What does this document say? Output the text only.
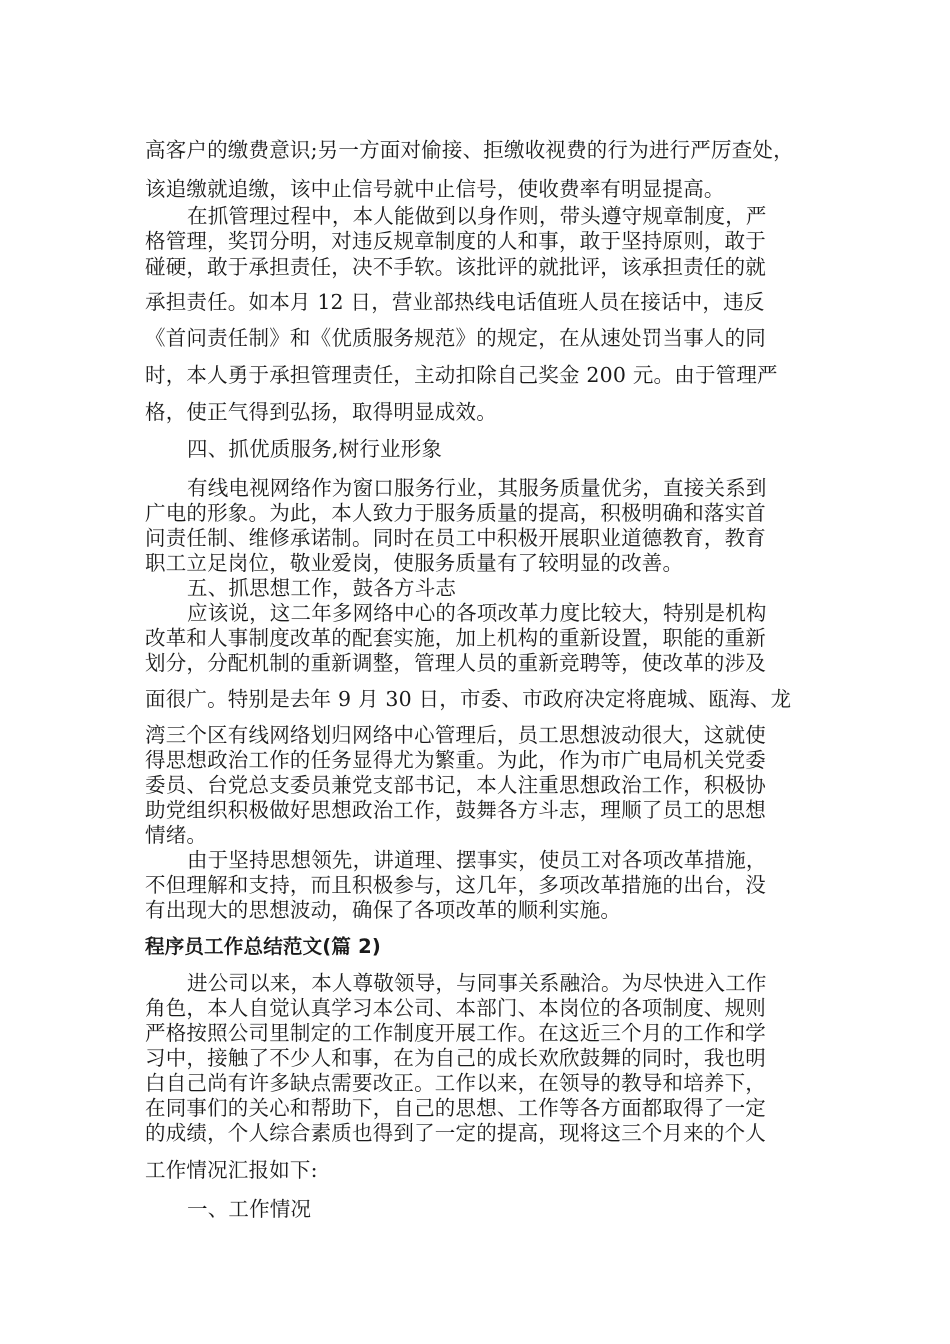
高客户的缴费意识;另一方面对偷接、拒缴收视费的行为进行严厉查处，
该追缴就追缴，该中止信号就中止信号，使收费率有明显提高。
在抓管理过程中，本人能做到以身作则，带头遵守规章制度，严
格管理，奖罚分明，对违反规章制度的人和事，敢于坚持原则，敢于
碰硬，敢于承担责任，决不手软。该批评的就批评，该承担责任的就
承担责任。如本月 12 日，营业部热线电话值班人员在接话中，违反
《首问责任制》和《优质服务规范》的规定，在从速处罚当事人的同
时，本人勇于承担管理责任，主动扣除自己奖金 200 元。由于管理严
格，使正气得到弘扬，取得明显成效。
四、抓优质服务,树行业形象
有线电视网络作为窗口服务行业，其服务质量优劣，直接关系到
广电的形象。为此，本人致力于服务质量的提高，积极明确和落实首
问责任制、维修承诺制。同时在员工中积极开展职业道德教育，教育
职工立足岗位，敬业爱岗，使服务质量有了较明显的改善。
五、抓思想工作，鼓各方斗志
应该说，这二年多网络中心的各项改革力度比较大，特别是机构
改革和人事制度改革的配套实施，加上机构的重新设置，职能的重新
划分，分配机制的重新调整，管理人员的重新竞聘等，使改革的涉及
面很广。特别是去年 9 月 30 日，市委、市政府决定将鹿城、瓯海、龙
湾三个区有线网络划归网络中心管理后，员工思想波动很大，这就使
得思想政治工作的任务显得尤为繁重。为此，作为市广电局机关党委
委员、台党总支委员兼党支部书记，本人注重思想政治工作，积极协
助党组织积极做好思想政治工作，鼓舞各方斗志，理顺了员工的思想
情绪。
由于坚持思想领先，讲道理、摆事实，使员工对各项改革措施，
不但理解和支持，而且积极参与，这几年，多项改革措施的出台，没
有出现大的思想波动，确保了各项改革的顺利实施。
程序员工作总结范文(篇 2)
进公司以来，本人尊敬领导，与同事关系融洽。为尽快进入工作
角色，本人自觉认真学习本公司、本部门、本岗位的各项制度、规则
严格按照公司里制定的工作制度开展工作。在这近三个月的工作和学
习中，接触了不少人和事，在为自己的成长欢欣鼓舞的同时，我也明
白自己尚有许多缺点需要改正。工作以来，在领导的教导和培养下，
在同事们的关心和帮助下，自己的思想、工作等各方面都取得了一定
的成绩，个人综合素质也得到了一定的提高，现将这三个月来的个人
工作情况汇报如下:
一、工作情况
